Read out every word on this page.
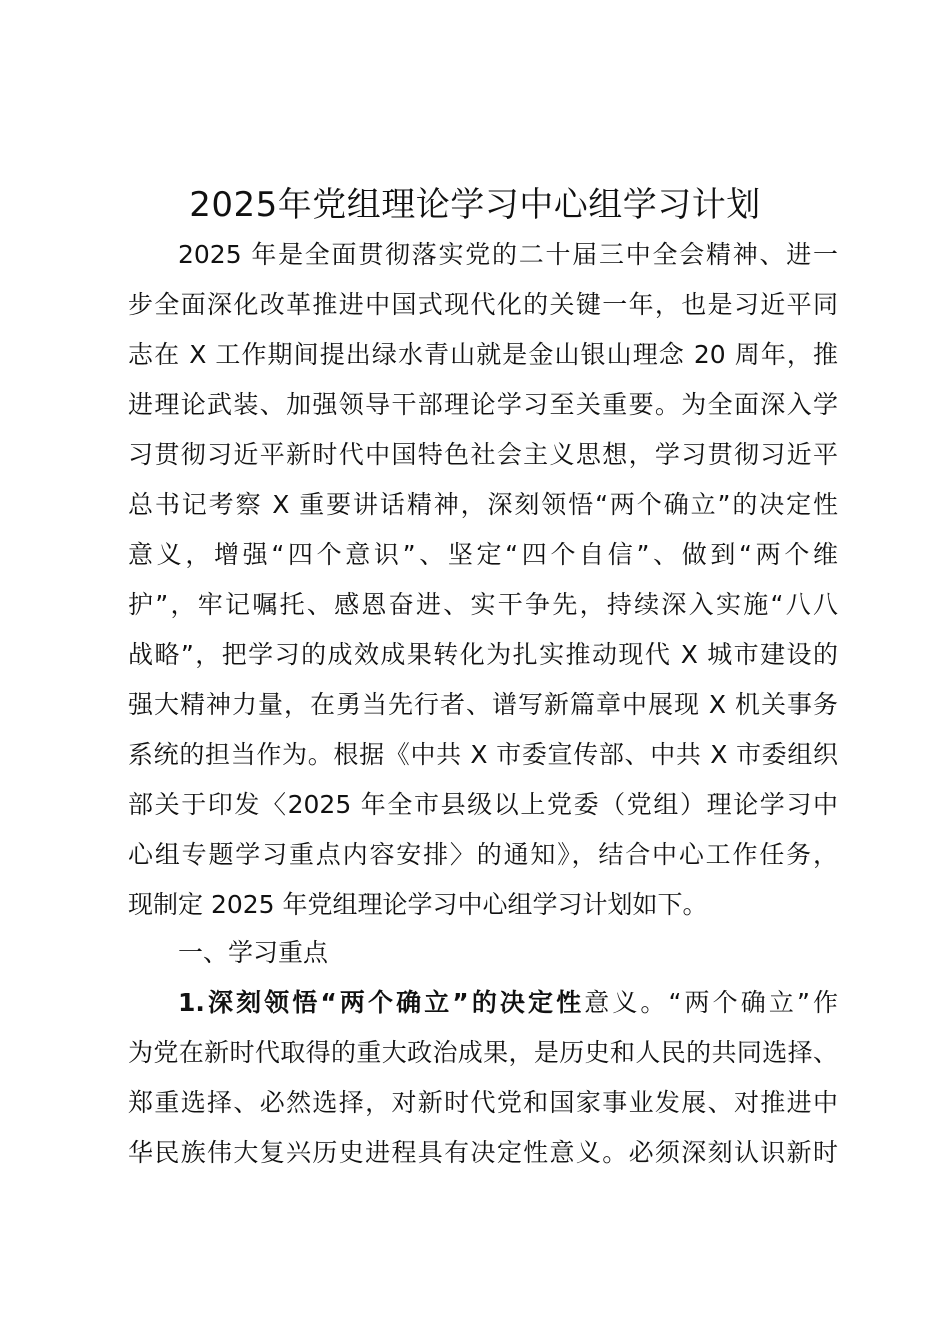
2025年党组理论学习中心组学习计划
2025 年是全面贯彻落实党的二十届三中全会精神、进一
步全面深化改革推进中国式现代化的关键一年，也是习近平同
志在 X 工作期间提出绿水青山就是金山银山理念 20 周年，推
进理论武装、加强领导干部理论学习至关重要。为全面深入学
习贯彻习近平新时代中国特色社会主义思想，学习贯彻习近平
总书记考察 X 重要讲话精神，深刻领悟“两个确立”的决定性
意义，增强“四个意识”、坚定“四个自信”、做到“两个维
护”，牢记嘱托、感恩奋进、实干争先，持续深入实施“八八
战略”，把学习的成效成果转化为扎实推动现代 X 城市建设的
强大精神力量，在勇当先行者、谱写新篇章中展现 X 机关事务
系统的担当作为。根据《中共 X 市委宣传部、中共 X 市委组织
部关于印发〈2025 年全市县级以上党委（党组）理论学习中
心组专题学习重点内容安排〉的通知》，结合中心工作任务，
现制定 2025 年党组理论学习中心组学习计划如下。
一、学习重点
1.深刻领悟“两个确立”的决定性意义。“两个确立”作
为党在新时代取得的重大政治成果，是历史和人民的共同选择、
郑重选择、必然选择，对新时代党和国家事业发展、对推进中
华民族伟大复兴历史进程具有决定性意义。必须深刻认识新时
